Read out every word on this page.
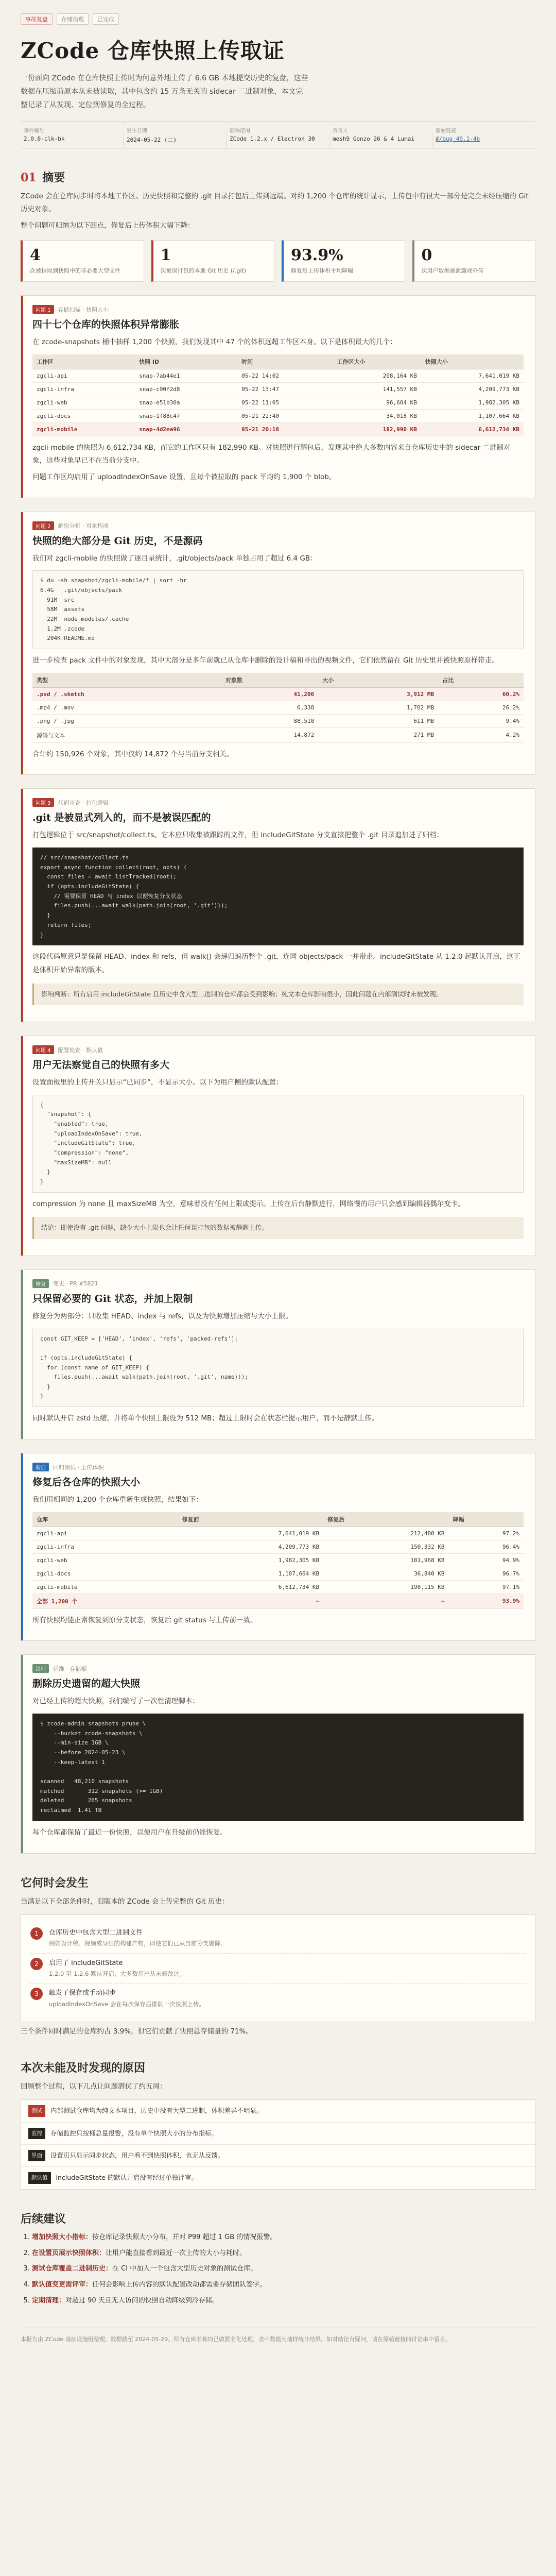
事故复盘	存储治理	已完成
ZCode 仓库快照上传取证

一份面向 ZCode 在仓库快照上传时为何意外地上传了 6.6 GB 本地提交历史的复盘，这些数据在压缩前原本从未被读取，其中包含约 15 万条无关的 sidecar 二进制对象，本文完整记录了从发现、定位到修复的全过程。

事件编号
2.0.0-clk-bk
发生日期
2024-05-22 (二)
影响范围
ZCode 1.2.x / Electron 30
负责人
mesh9 Gonzo 26 & 4 Lumai
原始链接
#/bug_40.1-4b
01 摘要

ZCode 会在仓库同步时将本地工作区、历史快照和完整的 .git 目录打包后上传到远端。对约 1,200 个仓库的统计显示，上传包中有很大一部分是完全未经压缩的 Git 历史对象。

整个问题可归纳为以下四点，修复后上传体积大幅下降：

4
次被拉取到快照中的非必要大型文件
1
次被误打包的本地 Git 历史 (/.git)
93.9%
修复后上传体积平均降幅
0
次用户数据被泄露或外传
问题 1	存储扫描 · 快照大小
四十七个仓库的快照体积异常膨胀

在 zcode-snapshots 桶中抽样 1,200 个快照，我们发现其中 47 个的体积远超工作区本身。以下是体积最大的几个：

工作区	快照 ID	时间	工作区大小	快照大小
zgcli-api	snap-7ab44e1	05-22 14:02	208,164 KB	7,641,019 KB
zgcli-infra	snap-c90f2d8	05-22 13:47	141,557 KB	4,209,773 KB
zgcli-web	snap-e51b30a	05-22 11:05	96,604 KB	1,982,305 KB
zgcli-docs	snap-1f88c47	05-21 22:40	34,018 KB	1,107,664 KB
zgcli-mobile	snap-4d2ea96	05-21 20:18	182,990 KB	6,612,734 KB

zgcli-mobile 的快照为 6,612,734 KB，而它的工作区只有 182,990 KB。对快照进行解包后，发现其中绝大多数内容来自仓库历史中的 sidecar 二进制对象，这些对象早已不在当前分支中。

问题工作区均启用了 uploadIndexOnSave 设置，且每个被拉取的 pack 平均约 1,900 个 blob。

问题 2	解包分析 · 对象构成
快照的绝大部分是 Git 历史，不是源码

我们对 zgcli-mobile 的快照做了逐目录统计，.git/objects/pack 单独占用了超过 6.4 GB：

$ du -sh snapshot/zgcli-mobile/* | sort -hr
6.4G   .git/objects/pack
91M  src
58M  assets
22M  node_modules/.cache
1.2M .zcode
204K README.md

进一步检查 pack 文件中的对象发现，其中大部分是多年前就已从仓库中删除的设计稿和导出的视频文件，它们依然留在 Git 历史里并被快照原样带走。

类型	对象数	大小	占比
.psd / .sketch	41,206	3,912 MB	60.2%
.mp4 / .mov	6,338	1,702 MB	26.2%
.png / .jpg	88,510	611 MB	9.4%
源码与文本	14,872	271 MB	4.2%

合计约 150,926 个对象，其中仅约 14,872 个与当前分支相关。

问题 3	代码审查 · 打包逻辑
.git 是被显式列入的，而不是被误匹配的

打包逻辑位于 src/snapshot/collect.ts。它本应只收集被跟踪的文件，但 includeGitState 分支直接把整个 .git 目录追加进了归档：

// src/snapshot/collect.ts
export async function collect(root, opts) {
const files = await listTracked(root);
if (opts.includeGitState) {
// 需要保留 HEAD 与 index 以便恢复分支状态
files.push(...await walk(path.join(root, '.git')));
}
return files;
}

这段代码原意只是保留 HEAD、index 和 refs，但 walk() 会递归遍历整个 .git，连同 objects/pack 一并带走。includeGitState 从 1.2.0 起默认开启，这正是体积开始异常的版本。

影响判断：所有启用 includeGitState 且历史中含大型二进制的仓库都会受到影响；纯文本仓库影响很小，因此问题在内部测试时未被发现。
问题 4	配置检查 · 默认值
用户无法察觉自己的快照有多大

设置面板里的上传开关只显示“已同步”，不显示大小。以下为用户侧的默认配置：

{
"snapshot": {
"enabled": true,
"uploadIndexOnSave": true,
"includeGitState": true,
"compression": "none",
"maxSizeMB": null
}
}

compression 为 none 且 maxSizeMB 为空，意味着没有任何上限或提示。上传在后台静默进行，网络慢的用户只会感到编辑器偶尔变卡。

结论：即使没有 .git 问题，缺少大小上限也会让任何误打包的数据被静默上传。
修复	变更 · PR #5821
只保留必要的 Git 状态，并加上限制

修复分为两部分：只收集 HEAD、index 与 refs，以及为快照增加压缩与大小上限。

const GIT_KEEP = ['HEAD', 'index', 'refs', 'packed-refs'];

if (opts.includeGitState) {
for (const name of GIT_KEEP) {
files.push(...await walk(path.join(root, '.git', name)));
}
}

同时默认开启 zstd 压缩，并将单个快照上限设为 512 MB；超过上限时会在状态栏提示用户，而不是静默上传。

验证	回归测试 · 上传体积
修复后各仓库的快照大小

我们用相同的 1,200 个仓库重新生成快照，结果如下：

仓库	修复前	修复后	降幅
zgcli-api	7,641,019 KB	212,480 KB	97.2%
zgcli-infra	4,209,773 KB	150,332 KB	96.4%
zgcli-web	1,982,305 KB	101,968 KB	94.9%
zgcli-docs	1,107,664 KB	36,840 KB	96.7%
zgcli-mobile	6,612,734 KB	190,115 KB	97.1%
全部 1,200 个	—	—	93.9%

所有快照均能正常恢复到原分支状态，恢复后 git status 与上传前一致。

清理	运维 · 存储桶
删除历史遗留的超大快照

对已经上传的超大快照，我们编写了一次性清理脚本：

$ zcode-admin snapshots prune \
--bucket zcode-snapshots \
--min-size 1GB \
--before 2024-05-23 \
--keep-latest 1

scanned   48,210 snapshots
matched       312 snapshots (>= 1GB)
deleted       265 snapshots
reclaimed  1.41 TB

每个仓库都保留了最近一份快照，以便用户在升级前仍能恢复。

它何时会发生

当满足以下全部条件时，旧版本的 ZCode 会上传完整的 Git 历史：

1	仓库历史中包含大型二进制文件
例如设计稿、视频或导出的构建产物，即使它们已从当前分支删除。
2	启用了 includeGitState
1.2.0 至 1.2.6 默认开启，大多数用户从未修改过。
3	触发了保存或手动同步
uploadIndexOnSave 会在每次保存后排队一次快照上传。

三个条件同时满足的仓库约占 3.9%，但它们贡献了快照总存储量的 71%。

本次未能及时发现的原因

回顾整个过程，以下几点让问题潜伏了约五周：

测试	内部测试仓库均为纯文本项目，历史中没有大型二进制，体积差异不明显。
监控	存储监控只按桶总量报警，没有单个快照大小的分布指标。
界面	设置页只显示同步状态，用户看不到快照体积，也无从反馈。
默认值	includeGitState 的默认开启没有经过单独评审。
后续建议
1. 增加快照大小指标：按仓库记录快照大小分布，并对 P99 超过 1 GB 的情况报警。
2. 在设置页展示快照体积：让用户能直接看到最近一次上传的大小与耗时。
3. 测试仓库覆盖二进制历史：在 CI 中加入一个包含大型历史对象的测试仓库。
4. 默认值变更需评审：任何会影响上传内容的默认配置改动都需要存储团队签字。
5. 定期清理：对超过 90 天且无人访问的快照自动降级到冷存储。
本报告由 ZCode 基础设施组整理，数据截至 2024-05-29。所有仓库名称均已做匿名化处理，表中数值为抽样统计结果。如对结论有疑问，请在原始链接的讨论串中留言。
